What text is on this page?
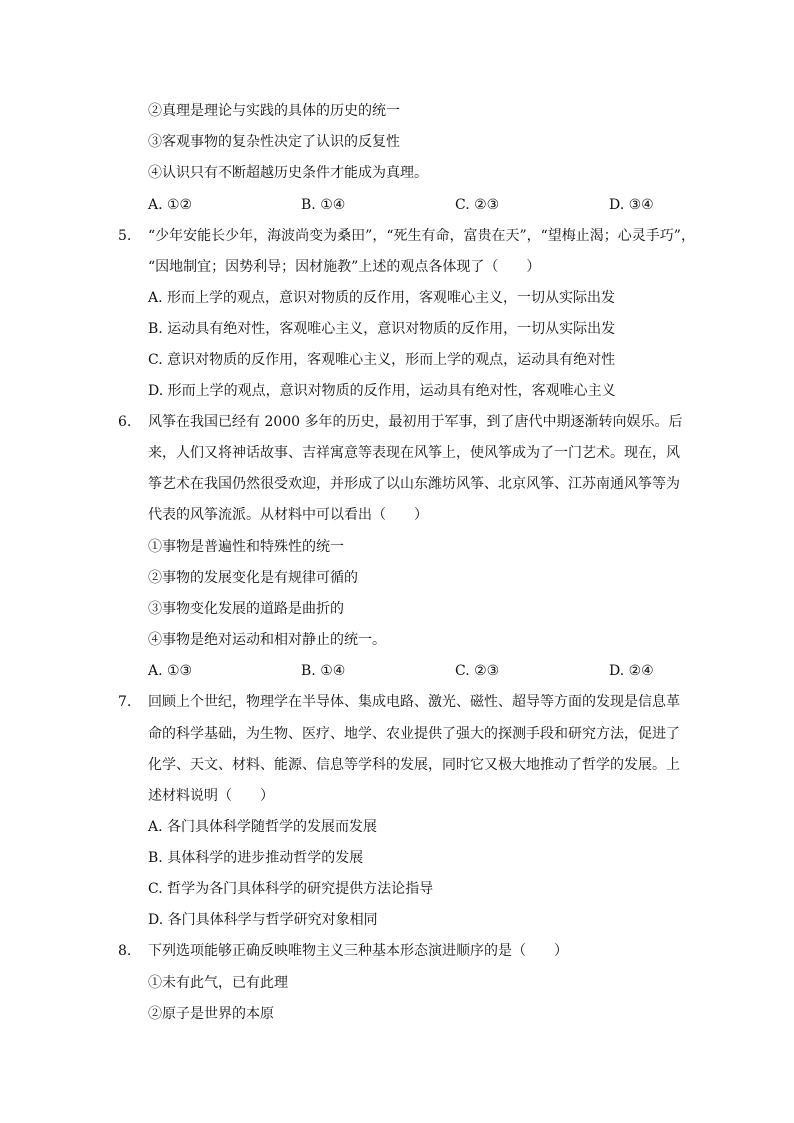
②真理是理论与实践的具体的历史的统一
③客观事物的复杂性决定了认识的反复性
④认识只有不断超越历史条件才能成为真理。
A. ①②	B. ①④	C. ②③	D. ③④
5. “少年安能长少年，海波尚变为桑田”，“死生有命，富贵在天”，“望梅止渴；心灵手巧”，
“因地制宜；因势利导；因材施教”上述的观点各体现了（　　）
A. 形而上学的观点，意识对物质的反作用，客观唯心主义，一切从实际出发
B. 运动具有绝对性，客观唯心主义，意识对物质的反作用，一切从实际出发
C. 意识对物质的反作用，客观唯心主义，形而上学的观点，运动具有绝对性
D. 形而上学的观点，意识对物质的反作用，运动具有绝对性，客观唯心主义
6. 风筝在我国已经有 2000 多年的历史，最初用于军事，到了唐代中期逐渐转向娱乐。后
来，人们又将神话故事、吉祥寓意等表现在风筝上，使风筝成为了一门艺术。现在，风
筝艺术在我国仍然很受欢迎，并形成了以山东潍坊风筝、北京风筝、江苏南通风筝等为
代表的风筝流派。从材料中可以看出（　　）
①事物是普遍性和特殊性的统一
②事物的发展变化是有规律可循的
③事物变化发展的道路是曲折的
④事物是绝对运动和相对静止的统一。
A. ①③	B. ①④	C. ②③	D. ②④
7. 回顾上个世纪，物理学在半导体、集成电路、激光、磁性、超导等方面的发现是信息革
命的科学基础，为生物、医疗、地学、农业提供了强大的探测手段和研究方法，促进了
化学、天文、材料、能源、信息等学科的发展，同时它又极大地推动了哲学的发展。上
述材料说明（　　）
A. 各门具体科学随哲学的发展而发展
B. 具体科学的进步推动哲学的发展
C. 哲学为各门具体科学的研究提供方法论指导
D. 各门具体科学与哲学研究对象相同
8. 下列选项能够正确反映唯物主义三种基本形态演进顺序的是（　　）
①未有此气，已有此理
②原子是世界的本原
